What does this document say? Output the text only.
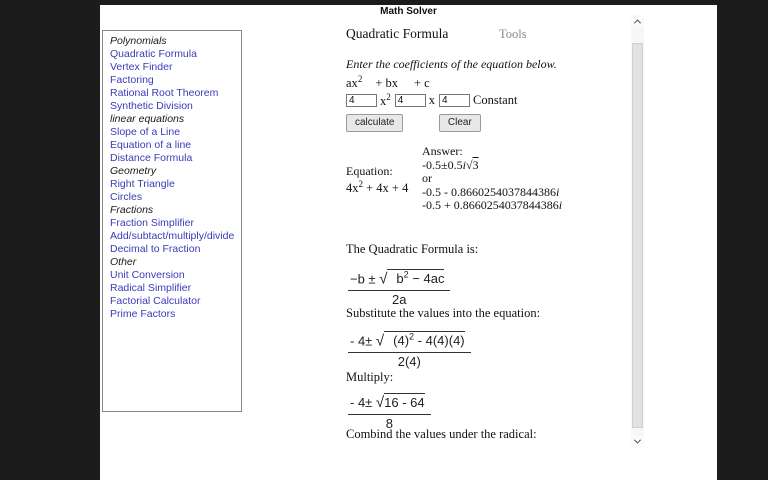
Math Solver
Polynomials
Quadratic Formula
Vertex Finder
Factoring
Rational Root Theorem
Synthetic Division
linear equations
Slope of a Line
Equation of a line
Distance Formula
Geometry
Right Triangle
Circles
Fractions
Fraction Simplifier
Add/subtact/multiply/divide
Decimal to Fraction
Other
Unit Conversion
Radical Simplifier
Factorial Calculator
Prime Factors
Quadratic Formula	Tools
Enter the coefficients of the equation below.
$ax^2$ + bx + c
4
$x^2$
4	x
4	Constant
calculate	Clear
Equation:
$4x^2 + 4x + 4$
Answer:
-0.5±0.5i√3
or
-0.5 - 0.8660254037844386i
-0.5 + 0.8660254037844386i
The Quadratic Formula is:
$\frac{-b \pm √ b^2 - 4ac}{2a}$
Substitute the values into the equation:
$\frac{- 4\pm √ (4)^2 - 4(4)(4)}{2(4)}$
Multiply:
$\frac{- 4\pm √16 - 64}{8}$
Combind the values under the radical:
